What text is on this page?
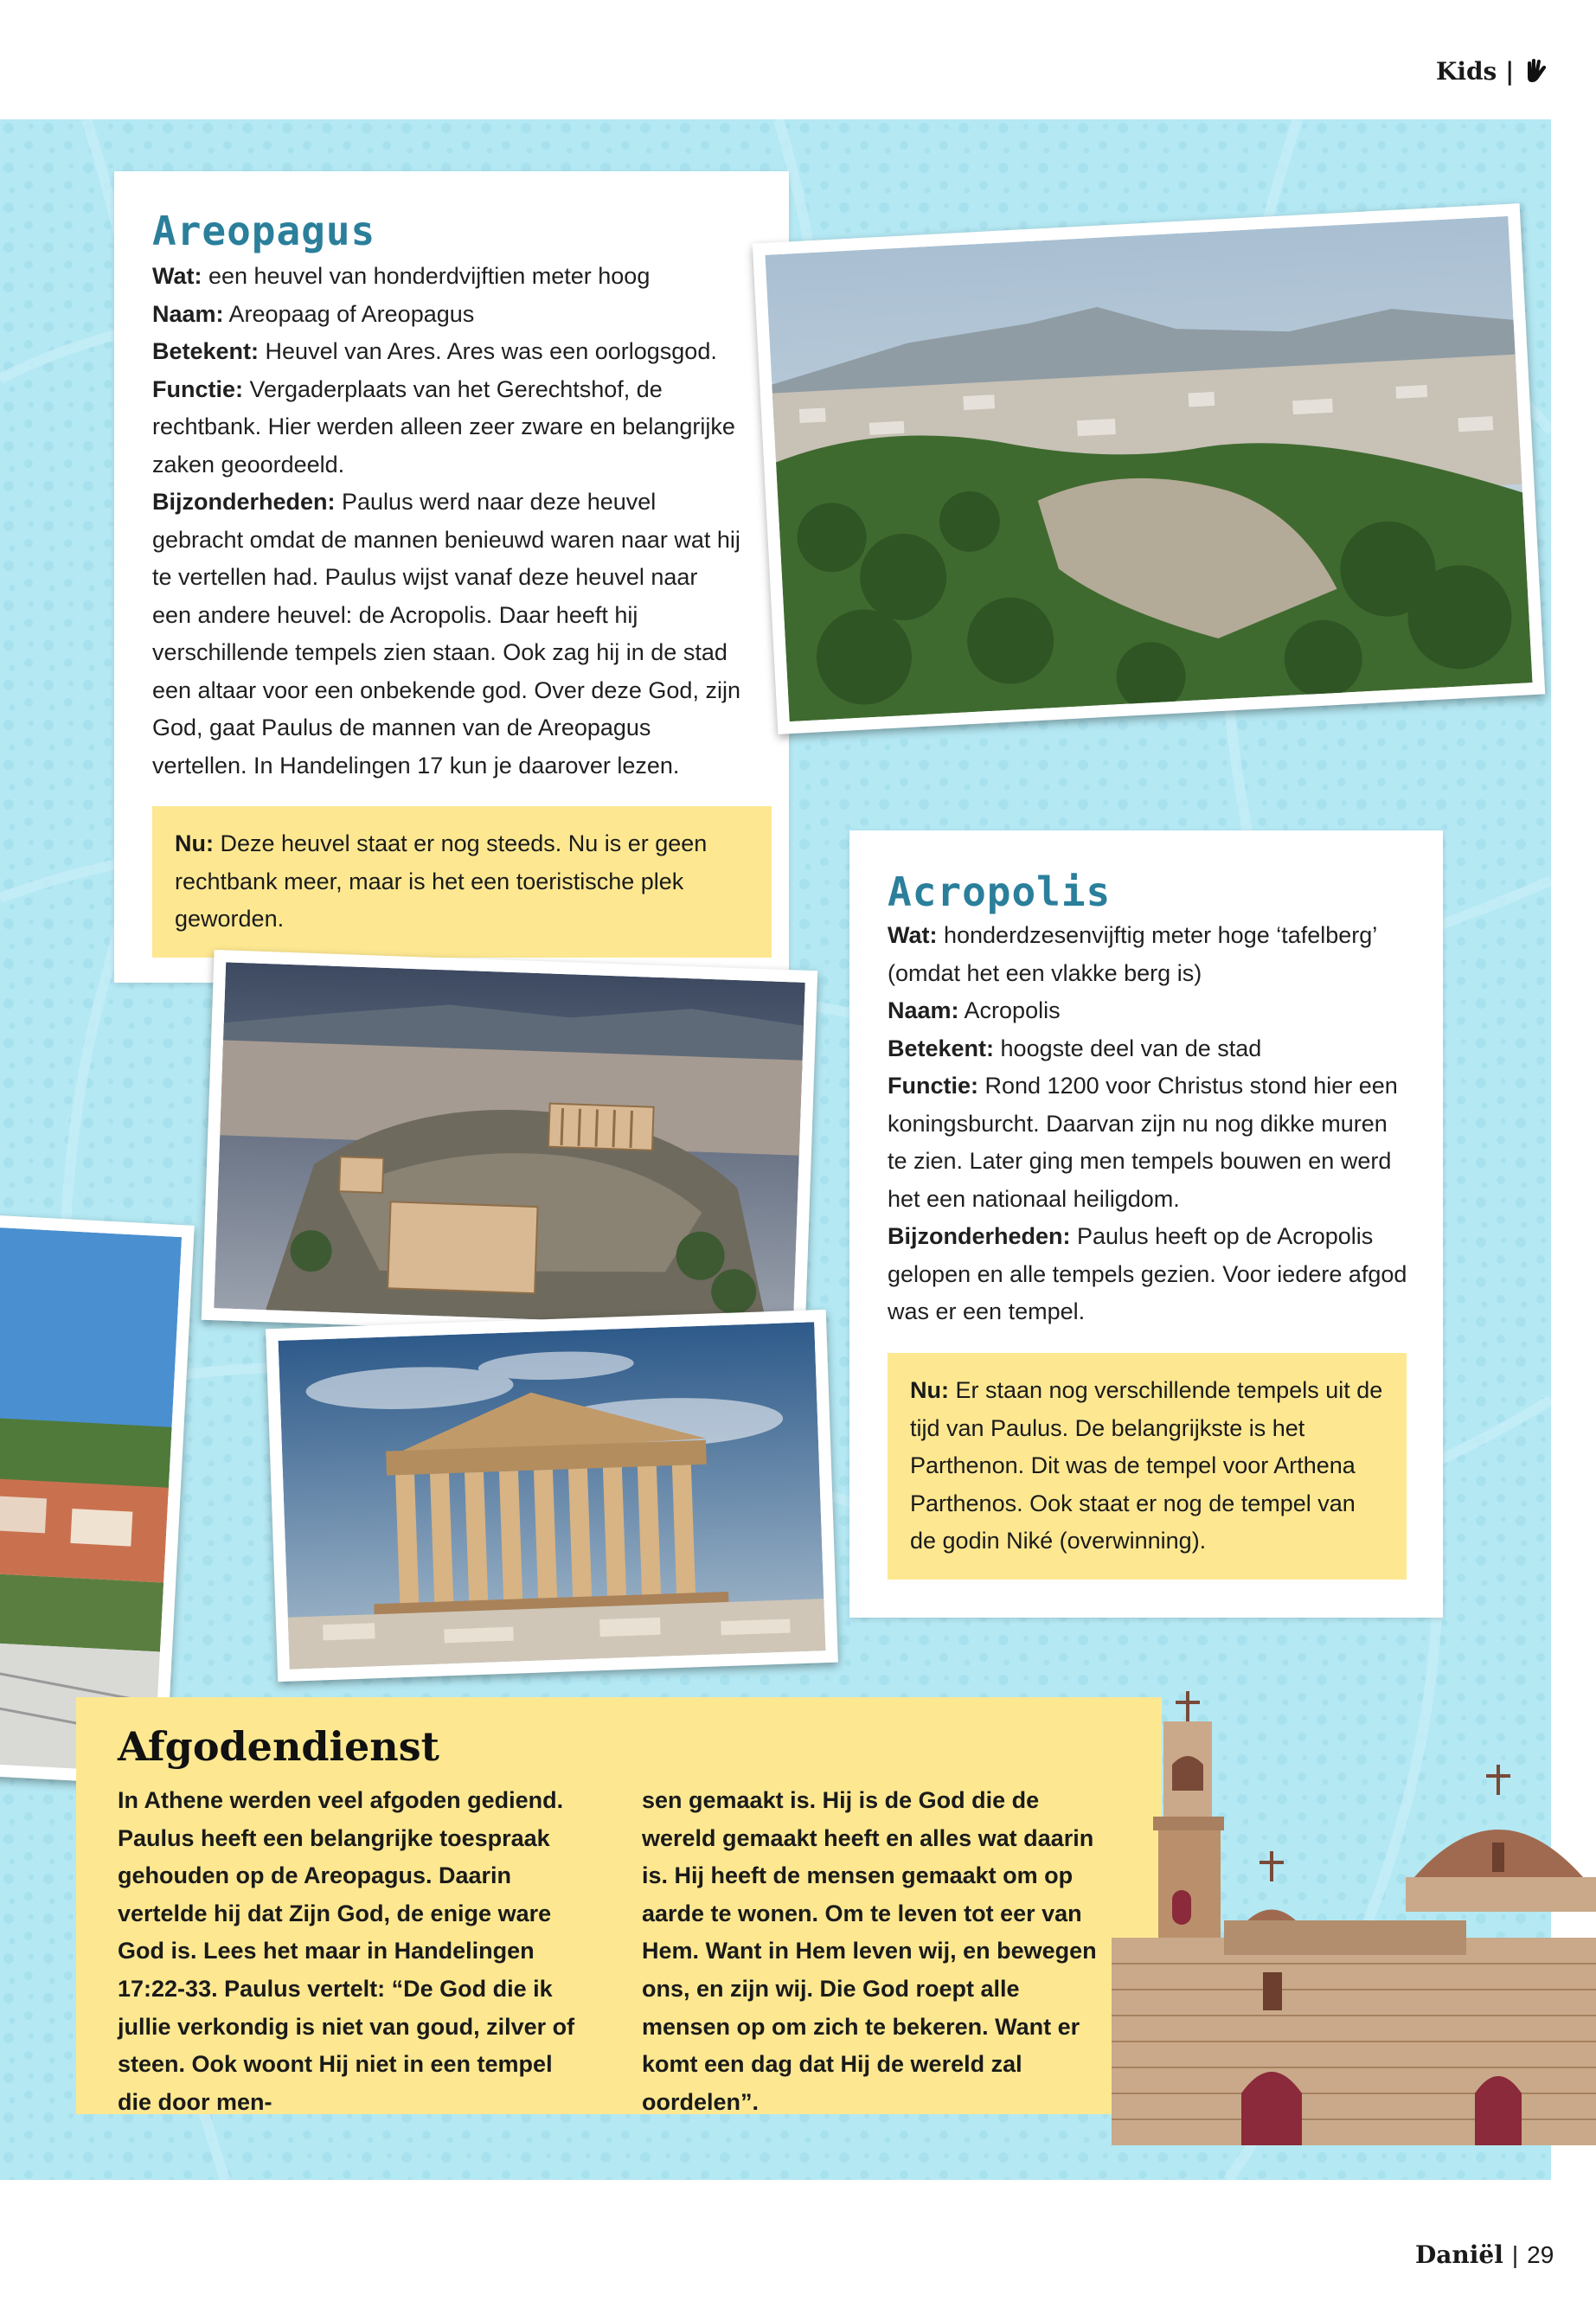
Kids |
Areopagus
Wat: een heuvel van honderdvijftien meter hoog
Naam: Areopaag of Areopagus
Betekent: Heuvel van Ares. Ares was een oorlogsgod.
Functie: Vergaderplaats van het Gerechtshof, de rechtbank. Hier werden alleen zeer zware en belangrijke zaken geoordeeld.
Bijzonderheden: Paulus werd naar deze heuvel gebracht omdat de mannen benieuwd waren naar wat hij te vertellen had. Paulus wijst vanaf deze heuvel naar een andere heuvel: de Acropolis. Daar heeft hij verschillende tempels zien staan. Ook zag hij in de stad een altaar voor een onbekende god. Over deze God, zijn God, gaat Paulus de mannen van de Areopagus vertellen. In Handelingen 17 kun je daarover lezen.
Nu: Deze heuvel staat er nog steeds. Nu is er geen rechtbank meer, maar is het een toeristische plek geworden.
Acropolis
Wat: honderdzesenvijftig meter hoge ‘tafelberg’ (omdat het een vlakke berg is)
Naam: Acropolis
Betekent: hoogste deel van de stad
Functie: Rond 1200 voor Christus stond hier een koningsburcht. Daarvan zijn nu nog dikke muren te zien. Later ging men tempels bouwen en werd het een nationaal heiligdom.
Bijzonderheden: Paulus heeft op de Acropolis gelopen en alle tempels gezien. Voor iedere afgod was er een tempel.
Nu: Er staan nog verschillende tempels uit de tijd van Paulus. De belangrijkste is het Parthenon. Dit was de tempel voor Arthena Parthenos. Ook staat er nog de tempel van de godin Niké (overwinning).
Afgodendienst
In Athene werden veel afgoden gediend. Paulus heeft een belangrijke toespraak gehouden op de Areopagus. Daarin vertelde hij dat Zijn God, de enige ware God is. Lees het maar in Handelingen 17:22-33. Paulus vertelt: “De God die ik jullie verkondig is niet van goud, zilver of steen. Ook woont Hij niet in een tempel die door men-
sen gemaakt is. Hij is de God die de wereld gemaakt heeft en alles wat daarin is. Hij heeft de mensen gemaakt om op aarde te wonen. Om te leven tot eer van Hem. Want in Hem leven wij, en bewegen ons, en zijn wij. Die God roept alle mensen op om zich te bekeren. Want er komt een dag dat Hij de wereld zal oordelen”.
Daniël | 29
